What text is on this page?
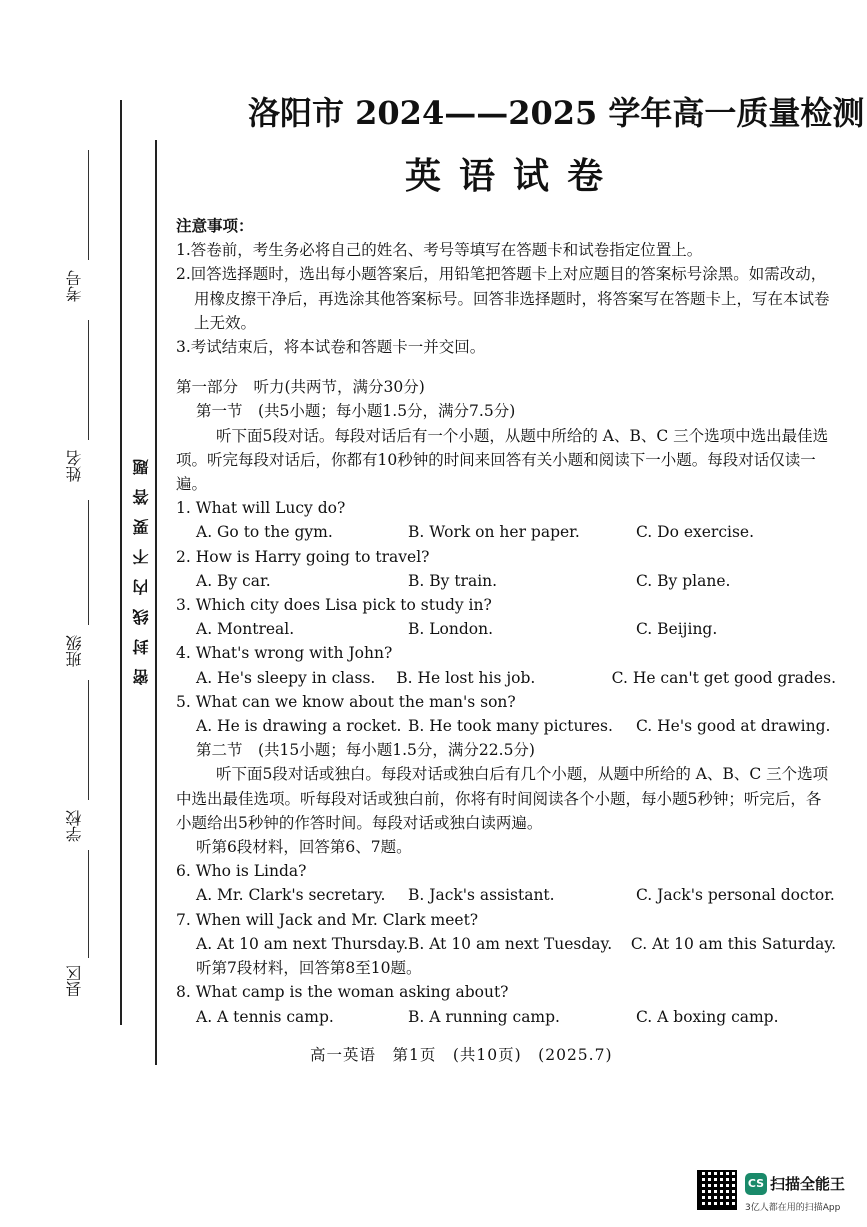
考号
姓名
班级
学校
县区
密封线内不要答题
洛阳市 2024——2025 学年高一质量检测
英语试卷
注意事项：
1.答卷前，考生务必将自己的姓名、考号等填写在答题卡和试卷指定位置上。
2.回答选择题时，选出每小题答案后，用铅笔把答题卡上对应题目的答案标号涂黑。如需改动，用橡皮擦干净后，再选涂其他答案标号。回答非选择题时，将答案写在答题卡上，写在本试卷上无效。
3.考试结束后，将本试卷和答题卡一并交回。
第一部分　听力(共两节，满分30分)
第一节　(共5小题；每小题1.5分，满分7.5分)
听下面5段对话。每段对话后有一个小题，从题中所给的 A、B、C 三个选项中选出最佳选项。听完每段对话后，你都有10秒钟的时间来回答有关小题和阅读下一小题。每段对话仅读一遍。
1. What will Lucy do?
A. Go to the gym.	B. Work on her paper.	C. Do exercise.
2. How is Harry going to travel?
A. By car.	B. By train.	C. By plane.
3. Which city does Lisa pick to study in?
A. Montreal.	B. London.	C. Beijing.
4. What's wrong with John?
A. He's sleepy in class.	B. He lost his job.	C. He can't get good grades.
5. What can we know about the man's son?
A. He is drawing a rocket. B. He took many pictures.	C. He's good at drawing.
第二节　(共15小题；每小题1.5分，满分22.5分)
听下面5段对话或独白。每段对话或独白后有几个小题，从题中所给的 A、B、C 三个选项中选出最佳选项。听每段对话或独白前，你将有时间阅读各个小题，每小题5秒钟；听完后，各小题给出5秒钟的作答时间。每段对话或独白读两遍。
听第6段材料，回答第6、7题。
6. Who is Linda?
A. Mr. Clark's secretary.	B. Jack's assistant.	C. Jack's personal doctor.
7. When will Jack and Mr. Clark meet?
A. At 10 am next Thursday. B. At 10 am next Tuesday.	C. At 10 am this Saturday.
听第7段材料，回答第8至10题。
8. What camp is the woman asking about?
A. A tennis camp.	B. A running camp.	C. A boxing camp.
高一英语　第1页　(共10页)　(2025.7)
CS 扫描全能王
3亿人都在用的扫描App
